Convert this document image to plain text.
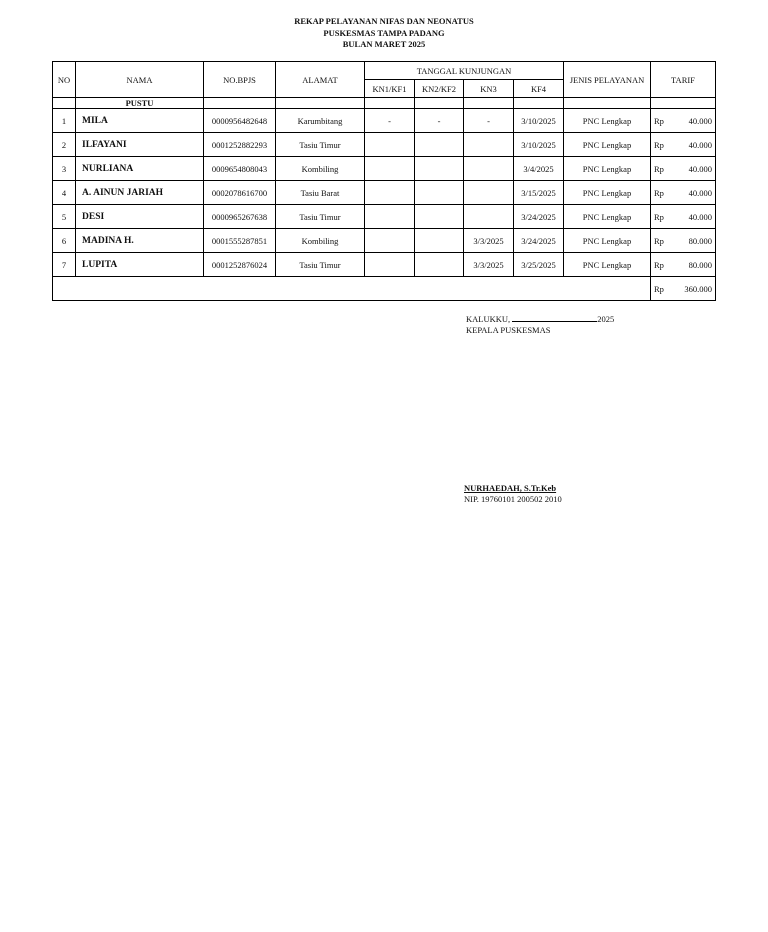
REKAP PELAYANAN NIFAS DAN NEONATUS
PUSKESMAS TAMPA PADANG
BULAN MARET 2025
NO	NAMA	NO.BPJS	ALAMAT	TANGGAL KUNJUNGAN				JENIS PELAYANAN	TARIF
				KN1/KF1	KN2/KF2	KN3	KF4		
	PUSTU								
1	MILA	0000956482648	Karumbitang	-	-	-	3/10/2025	PNC Lengkap	Rp 40.000

2	ILFAYANI	0001252882293	Tasiu Timur				3/10/2025	PNC Lengkap	Rp 40.000

3	NURLIANA	0009654808043	Kombiling				3/4/2025	PNC Lengkap	Rp 40.000

4	A. AINUN JARIAH	0002078616700	Tasiu Barat				3/15/2025	PNC Lengkap	Rp 40.000

5	DESI	0000965267638	Tasiu Timur				3/24/2025	PNC Lengkap	Rp 40.000

6	MADINA H.	0001555287851	Kombiling			3/3/2025	3/24/2025	PNC Lengkap	Rp 80.000

7	LUPITA	0001252876024	Tasiu Timur			3/3/2025	3/25/2025	PNC Lengkap	Rp 80.000

									Rp 360.000
KALUKKU,	2025
KEPALA PUSKESMAS
NURHAEDAH, S.Tr.Keb
NIP. 19760101 200502 2010
